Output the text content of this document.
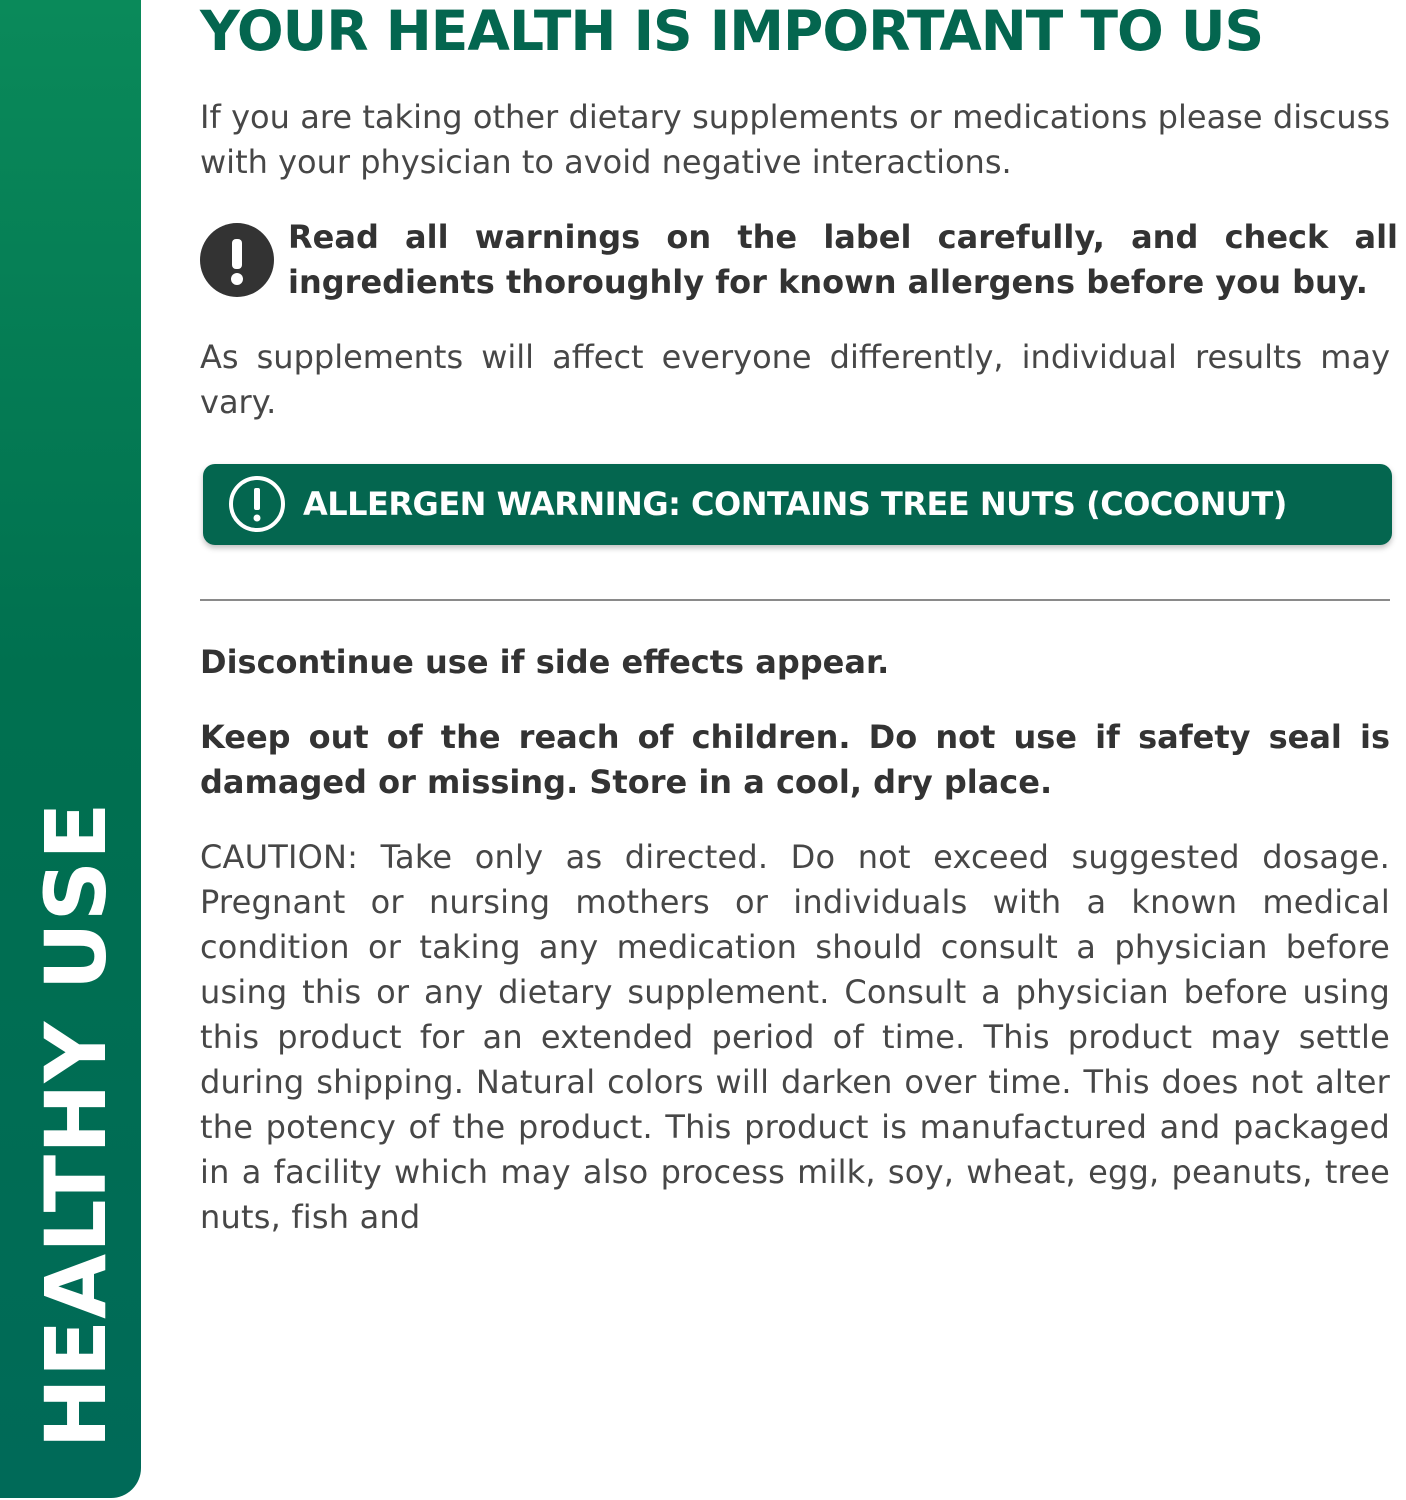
HEALTHY USE
YOUR HEALTH IS IMPORTANT TO US

If you are taking other dietary supplements or medications please discuss with your physician to avoid negative interactions.

Read all warnings on the label carefully, and check all ingredients thoroughly for known allergens before you buy.

As supplements will affect everyone differently, individual results may vary.

ALLERGEN WARNING: CONTAINS TREE NUTS (COCONUT)

Discontinue use if side effects appear.

Keep out of the reach of children. Do not use if safety seal is damaged or missing. Store in a cool, dry place.

CAUTION: Take only as directed. Do not exceed suggested dosage. Pregnant or nursing mothers or individuals with a known medical condition or taking any medication should consult a physician before using this or any dietary supplement. Consult a physician before using this product for an extended period of time. This product may settle during shipping. Natural colors will darken over time. This does not alter the potency of the product. This product is manufactured and packaged in a facility which may also process milk, soy, wheat, egg, peanuts, tree nuts, fish and
